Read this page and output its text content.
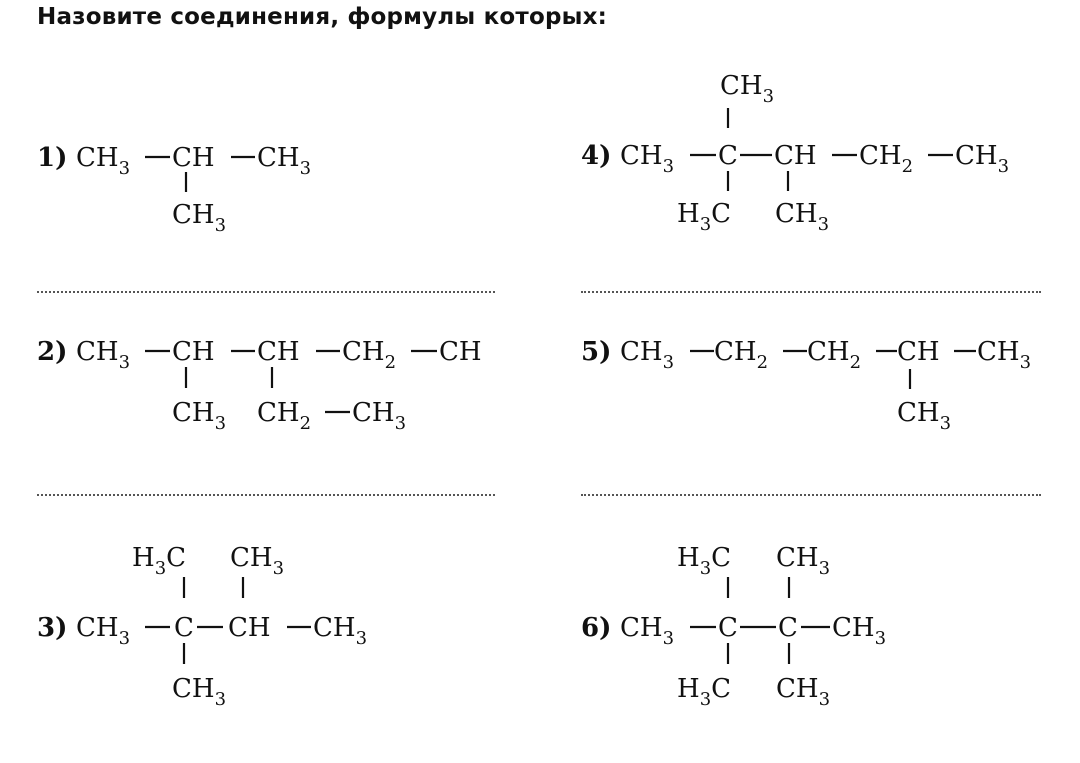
Назовите соединения, формулы которых:
1) $CH_3$ CH $CH_3$
$CH_3$
2) $CH_3$ CH CH $CH_2$ CH
$CH_3$ $CH_2$ $CH_3$
$H_3C$ $CH_3$
3) $CH_3$ C CH $CH_3$
$CH_3$
$CH_3$
4) $CH_3$ C CH $CH_2$ $CH_3$
$H_3C$ $CH_3$
5) $CH_3$ $CH_2$ $CH_2$ CH $CH_3$
$CH_3$
$H_3C$ $CH_3$
6) $CH_3$ C C $CH_3$
$H_3C$ $CH_3$
